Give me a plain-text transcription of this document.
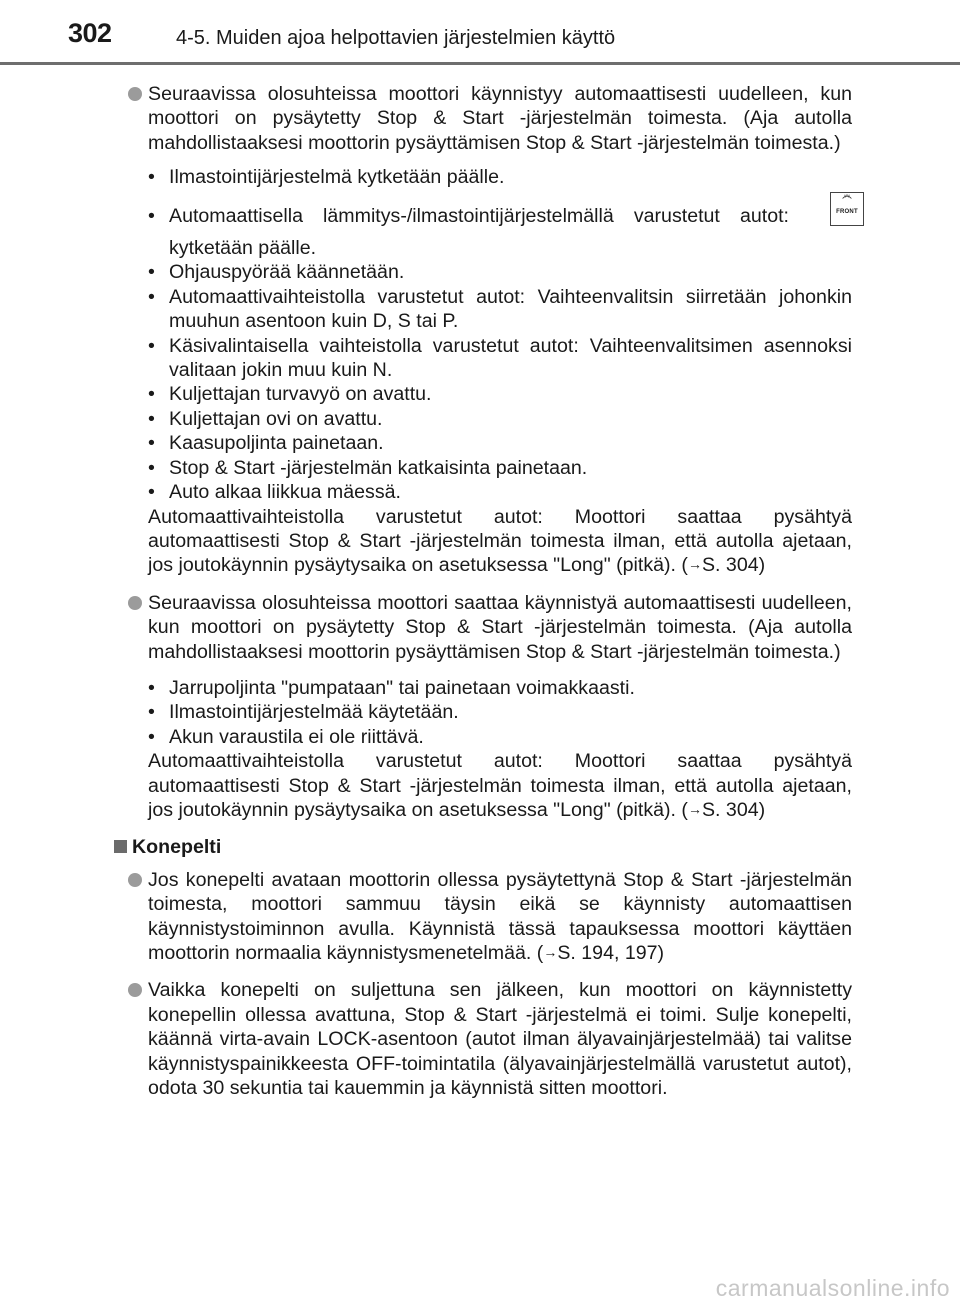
302	4-5. Muiden ajoa helpottavien järjestelmien käyttö
Seuraavissa olosuhteissa moottori käynnistyy automaattisesti uudelleen, kun moottori on pysäytetty Stop & Start -järjestelmän toimesta. (Aja autolla mahdollistaaksesi moottorin pysäyttämisen Stop & Start -järjestelmän toimesta.)
• Ilmastointijärjestelmä kytketään päälle.
• Automaattisella lämmitys-/ilmastointijärjestelmällä varustetut autot:	FRONT
kytketään päälle.
• Ohjauspyörää käännetään.
• Automaattivaihteistolla varustetut autot: Vaihteenvalitsin siirretään johonkin muuhun asentoon kuin D, S tai P.
• Käsivalintaisella vaihteistolla varustetut autot: Vaihteenvalitsimen asennoksi valitaan jokin muu kuin N.
• Kuljettajan turvavyö on avattu.
• Kuljettajan ovi on avattu.
• Kaasupoljinta painetaan.
• Stop & Start -järjestelmän katkaisinta painetaan.
• Auto alkaa liikkua mäessä.
Automaattivaihteistolla varustetut autot: Moottori saattaa pysähtyä automaattisesti Stop & Start -järjestelmän toimesta ilman, että autolla ajetaan, jos joutokäynnin pysäytysaika on asetuksessa "Long" (pitkä). (→S. 304)
Seuraavissa olosuhteissa moottori saattaa käynnistyä automaattisesti uudelleen, kun moottori on pysäytetty Stop & Start -järjestelmän toimesta. (Aja autolla mahdollistaaksesi moottorin pysäyttämisen Stop & Start -järjestelmän toimesta.)
• Jarrupoljinta "pumpataan" tai painetaan voimakkaasti.
• Ilmastointijärjestelmää käytetään.
• Akun varaustila ei ole riittävä.
Automaattivaihteistolla varustetut autot: Moottori saattaa pysähtyä automaattisesti Stop & Start -järjestelmän toimesta ilman, että autolla ajetaan, jos joutokäynnin pysäytysaika on asetuksessa "Long" (pitkä). (→S. 304)
Konepelti
Jos konepelti avataan moottorin ollessa pysäytettynä Stop & Start -järjestelmän toimesta, moottori sammuu täysin eikä se käynnisty automaattisen käynnistystoiminnon avulla. Käynnistä tässä tapauksessa moottori käyttäen moottorin normaalia käynnistysmenetelmää. (→S. 194, 197)
Vaikka konepelti on suljettuna sen jälkeen, kun moottori on käynnistetty konepellin ollessa avattuna, Stop & Start -järjestelmä ei toimi. Sulje konepelti, käännä virta-avain LOCK-asentoon (autot ilman älyavainjärjestelmää) tai valitse käynnistyspainikkeesta OFF-toimintatila (älyavainjärjestelmällä varustetut autot), odota 30 sekuntia tai kauemmin ja käynnistä sitten moottori.
carmanualsonline.info
